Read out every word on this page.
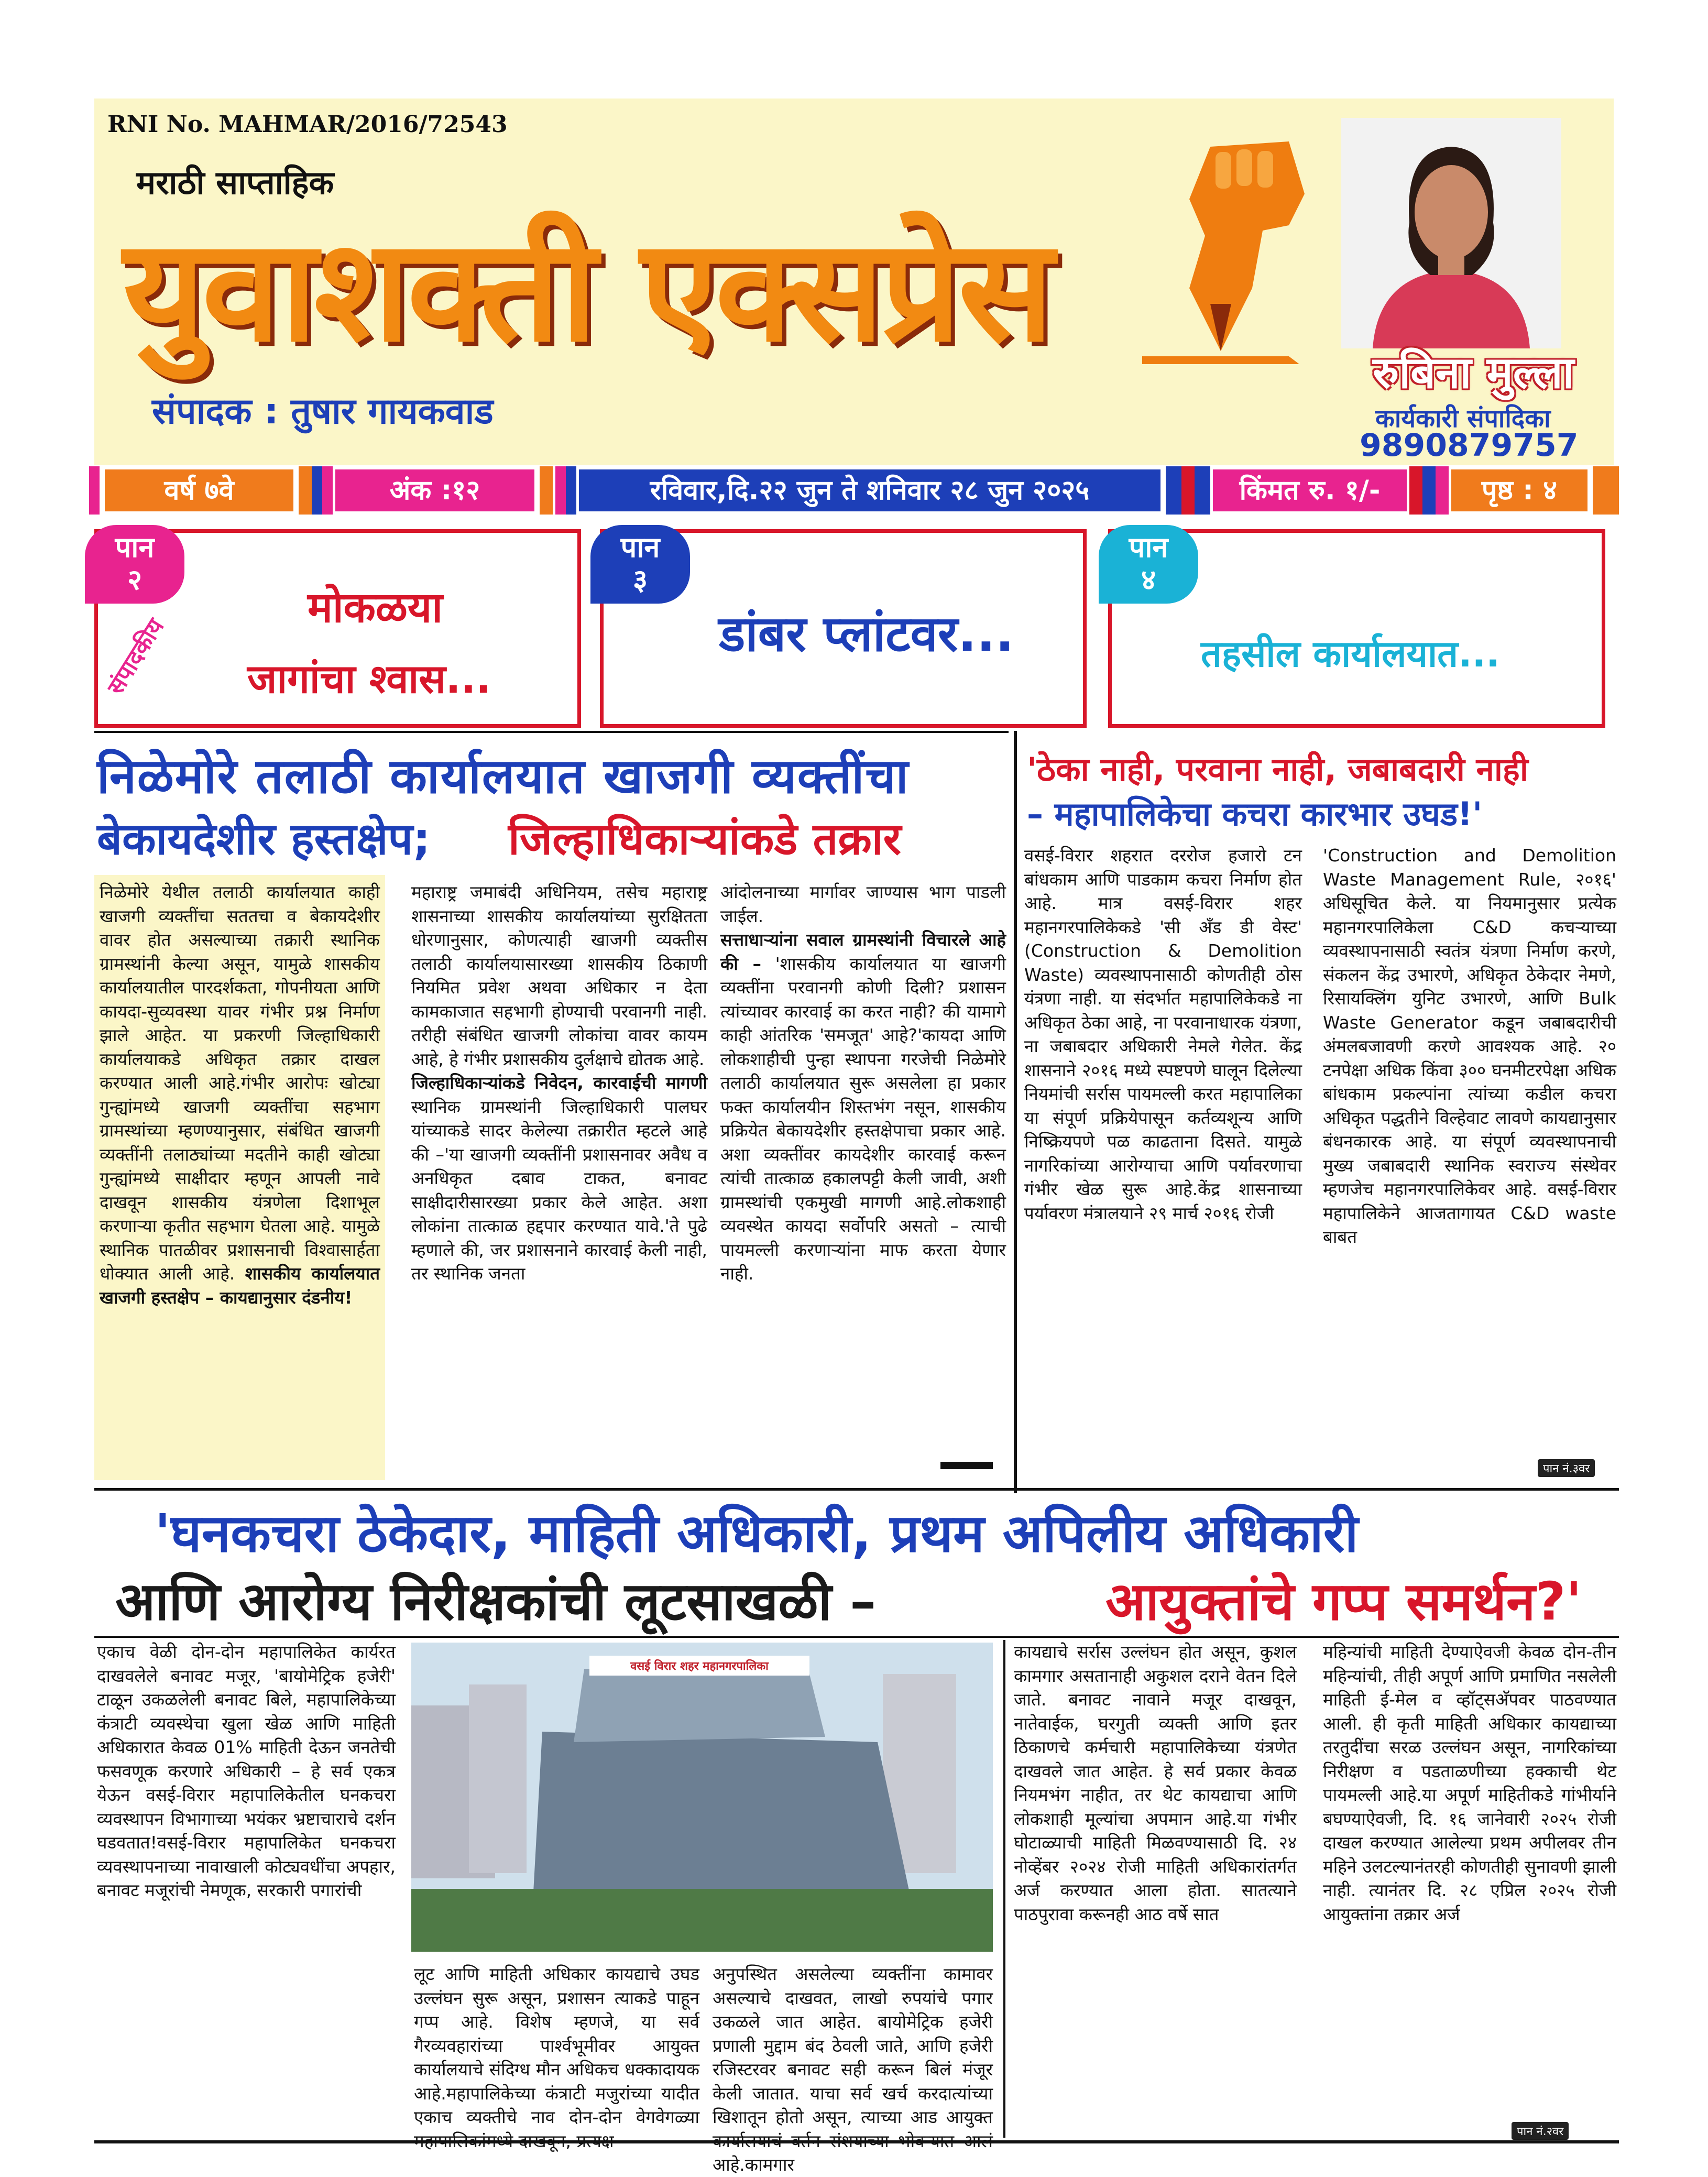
RNI No. MAHMAR/2016/72543
मराठी साप्ताहिक
युवाशक्ती एक्सप्रेस
संपादक : तुषार गायकवाड
रुबिना मुल्ला
कार्यकारी संपादिका
9890879757
वर्ष ७वे	अंक :१२	रविवार,दि.२२ जुन ते शनिवार २८ जुन २०२५	किंमत रु. १/-	पृष्ठ : ४
पान
२
संपादकीय
मोकळया
जागांचा श्वास...
पान
३
डांबर प्लांटवर...
पान
४
तहसील कार्यालयात...
निळेमोरे तलाठी कार्यालयात खाजगी व्यक्तींचा
बेकायदेशीर हस्तक्षेप; जिल्हाधिकाऱ्यांकडे तक्रार
निळेमोरे येथील तलाठी कार्यालयात काही खाजगी व्यक्तींचा सततचा व बेकायदेशीर वावर होत असल्याच्या तक्रारी स्थानिक ग्रामस्थांनी केल्या असून, यामुळे शासकीय कार्यालयातील पारदर्शकता, गोपनीयता आणि कायदा-सुव्यवस्था यावर गंभीर प्रश्न निर्माण झाले आहेत. या प्रकरणी जिल्हाधिकारी कार्यालयाकडे अधिकृत तक्रार दाखल करण्यात आली आहे.गंभीर आरोपः खोट्या गुन्ह्यांमध्ये खाजगी व्यक्तींचा सहभाग ग्रामस्थांच्या म्हणण्यानुसार, संबंधित खाजगी व्यक्तींनी तलाठ्यांच्या मदतीने काही खोट्या गुन्ह्यांमध्ये साक्षीदार म्हणून आपली नावे दाखवून शासकीय यंत्रणेला दिशाभूल करणाऱ्या कृतीत सहभाग घेतला आहे. यामुळे स्थानिक पातळीवर प्रशासनाची विश्वासार्हता धोक्यात आली आहे. शासकीय कार्यालयात खाजगी हस्तक्षेप – कायद्यानुसार दंडनीय!
महाराष्ट्र जमाबंदी अधिनियम, तसेच महाराष्ट्र शासनाच्या शासकीय कार्यालयांच्या सुरक्षितता धोरणानुसार, कोणत्याही खाजगी व्यक्तीस तलाठी कार्यालयासारख्या शासकीय ठिकाणी नियमित प्रवेश अथवा अधिकार न देता कामकाजात सहभागी होण्याची परवानगी नाही. तरीही संबंधित खाजगी लोकांचा वावर कायम आहे, हे गंभीर प्रशासकीय दुर्लक्षाचे द्योतक आहे.
जिल्हाधिकाऱ्यांकडे निवेदन, कारवाईची मागणी स्थानिक ग्रामस्थांनी जिल्हाधिकारी पालघर यांच्याकडे सादर केलेल्या तक्रारीत म्हटले आहे की –'या खाजगी व्यक्तींनी प्रशासनावर अवैध व अनधिकृत दबाव टाकत, बनावट साक्षीदारीसारख्या प्रकार केले आहेत. अशा लोकांना तात्काळ हद्दपार करण्यात यावे.'ते पुढे म्हणाले की, जर प्रशासनाने कारवाई केली नाही, तर स्थानिक जनता
आंदोलनाच्या मार्गावर जाण्यास भाग पाडली जाईल.
सत्ताधाऱ्यांना सवाल ग्रामस्थांनी विचारले आहे की – 'शासकीय कार्यालयात या खाजगी व्यक्तींना परवानगी कोणी दिली? प्रशासन त्यांच्यावर कारवाई का करत नाही? की यामागे काही आंतरिक 'समजूत' आहे?'कायदा आणि लोकशाहीची पुन्हा स्थापना गरजेची निळेमोरे तलाठी कार्यालयात सुरू असलेला हा प्रकार फक्त कार्यालयीन शिस्तभंग नसून, शासकीय प्रक्रियेत बेकायदेशीर हस्तक्षेपाचा प्रकार आहे. अशा व्यक्तींवर कायदेशीर कारवाई करून त्यांची तात्काळ हकालपट्टी केली जावी, अशी ग्रामस्थांची एकमुखी मागणी आहे.लोकशाही व्यवस्थेत कायदा सर्वोपरि असतो – त्याची पायमल्ली करणाऱ्यांना माफ करता येणार नाही.
'ठेका नाही, परवाना नाही, जबाबदारी नाही
– महापालिकेचा कचरा कारभार उघड!'
वसई-विरार शहरात दररोज हजारो टन बांधकाम आणि पाडकाम कचरा निर्माण होत आहे. मात्र वसई-विरार शहर महानगरपालिकेकडे 'सी अँड डी वेस्ट' (Construction & Demolition Waste) व्यवस्थापनासाठी कोणतीही ठोस यंत्रणा नाही. या संदर्भात महापालिकेकडे ना अधिकृत ठेका आहे, ना परवानाधारक यंत्रणा, ना जबाबदार अधिकारी नेमले गेलेत. केंद्र शासनाने २०१६ मध्ये स्पष्टपणे घालून दिलेल्या नियमांची सर्रास पायमल्ली करत महापालिका या संपूर्ण प्रक्रियेपासून कर्तव्यशून्य आणि निष्क्रियपणे पळ काढताना दिसते. यामुळे नागरिकांच्या आरोग्याचा आणि पर्यावरणाचा गंभीर खेळ सुरू आहे.केंद्र शासनाच्या पर्यावरण मंत्रालयाने २९ मार्च २०१६ रोजी
'Construction and Demolition Waste Management Rule, २०१६' अधिसूचित केले. या नियमानुसार प्रत्येक महानगरपालिकेला C&D कचऱ्याच्या व्यवस्थापनासाठी स्वतंत्र यंत्रणा निर्माण करणे, संकलन केंद्र उभारणे, अधिकृत ठेकेदार नेमणे, रिसायक्लिंग युनिट उभारणे, आणि Bulk Waste Generator कडून जबाबदारीची अंमलबजावणी करणे आवश्यक आहे. २० टनपेक्षा अधिक किंवा ३०० घनमीटरपेक्षा अधिक बांधकाम प्रकल्पांना त्यांच्या कडील कचरा अधिकृत पद्धतीने विल्हेवाट लावणे कायद्यानुसार बंधनकारक आहे. या संपूर्ण व्यवस्थापनाची मुख्य जबाबदारी स्थानिक स्वराज्य संस्थेवर म्हणजेच महानगरपालिकेवर आहे. वसई-विरार महापालिकेने आजतागायत C&D waste बाबत
पान नं.३वर
'घनकचरा ठेकेदार, माहिती अधिकारी, प्रथम अपिलीय अधिकारी
आणि आरोग्य निरीक्षकांची लूटसाखळी –	आयुक्तांचे गप्प समर्थन?'
एकाच वेळी दोन-दोन महापालिकेत कार्यरत दाखवलेले बनावट मजूर, 'बायोमेट्रिक हजेरी' टाळून उकळलेली बनावट बिले, महापालिकेच्या कंत्राटी व्यवस्थेचा खुला खेळ आणि माहिती अधिकारात केवळ 01% माहिती देऊन जनतेची फसवणूक करणारे अधिकारी – हे सर्व एकत्र येऊन वसई-विरार महापालिकेतील घनकचरा व्यवस्थापन विभागाच्या भयंकर भ्रष्टाचाराचे दर्शन घडवतात!वसई-विरार महापालिकेत घनकचरा व्यवस्थापनाच्या नावाखाली कोट्यवधींचा अपहार, बनावट मजूरांची नेमणूक, सरकारी पगारांची
वसई विरार शहर महानगरपालिका
लूट आणि माहिती अधिकार कायद्याचे उघड उल्लंघन सुरू असून, प्रशासन त्याकडे पाहून गप्प आहे. विशेष म्हणजे, या सर्व गैरव्यवहारांच्या पार्श्वभूमीवर आयुक्त कार्यालयाचे संदिग्ध मौन अधिकच धक्कादायक आहे.महापालिकेच्या कंत्राटी मजुरांच्या यादीत एकाच व्यक्तीचे नाव दोन-दोन वेगवेगळ्या
अनुपस्थित असलेल्या व्यक्तींना कामावर असल्याचे दाखवत, लाखो रुपयांचे पगार उकळले जात आहेत. बायोमेट्रिक हजेरी प्रणाली मुद्दाम बंद ठेवली जाते, आणि हजेरी रजिस्टरवर बनावट सही करून बिलं मंजूर केली जातात. याचा सर्व खर्च करदात्यांच्या खिशातून होतो असून, त्याच्या आड आयुक्त आहे.कामगार
कायद्याचे सर्रास उल्लंघन होत असून, कुशल कामगार असतानाही अकुशल दराने वेतन दिले जाते. बनावट नावाने मजूर दाखवून, नातेवाईक, घरगुती व्यक्ती आणि इतर ठिकाणचे कर्मचारी महापालिकेच्या यंत्रणेत दाखवले जात आहेत. हे सर्व प्रकार केवळ नियमभंग नाहीत, तर थेट कायद्याचा आणि लोकशाही मूल्यांचा अपमान आहे.या गंभीर घोटाळ्याची माहिती मिळवण्यासाठी दि. २४ नोव्हेंबर २०२४ रोजी माहिती अधिकारांतर्गत अर्ज करण्यात आला होता. सातत्याने पाठपुरावा करूनही आठ वर्षे सात
महिन्यांची माहिती देण्याऐवजी केवळ दोन-तीन महिन्यांची, तीही अपूर्ण आणि प्रमाणित नसलेली माहिती ई-मेल व व्हॉट्सअ‍ॅपवर पाठवण्यात आली. ही कृती माहिती अधिकार कायद्याच्या तरतुदींचा सरळ उल्लंघन असून, नागरिकांच्या निरीक्षण व पडताळणीच्या हक्काची थेट पायमल्ली आहे.या अपूर्ण माहितीकडे गांभीर्याने बघण्याऐवजी, दि. १६ जानेवारी २०२५ रोजी दाखल करण्यात आलेल्या प्रथम अपीलवर तीन महिने उलटल्यानंतरही कोणतीही सुनावणी झाली नाही. त्यानंतर दि. २८ एप्रिल २०२५ रोजी आयुक्तांना तक्रार अर्ज
पान नं.२वर
